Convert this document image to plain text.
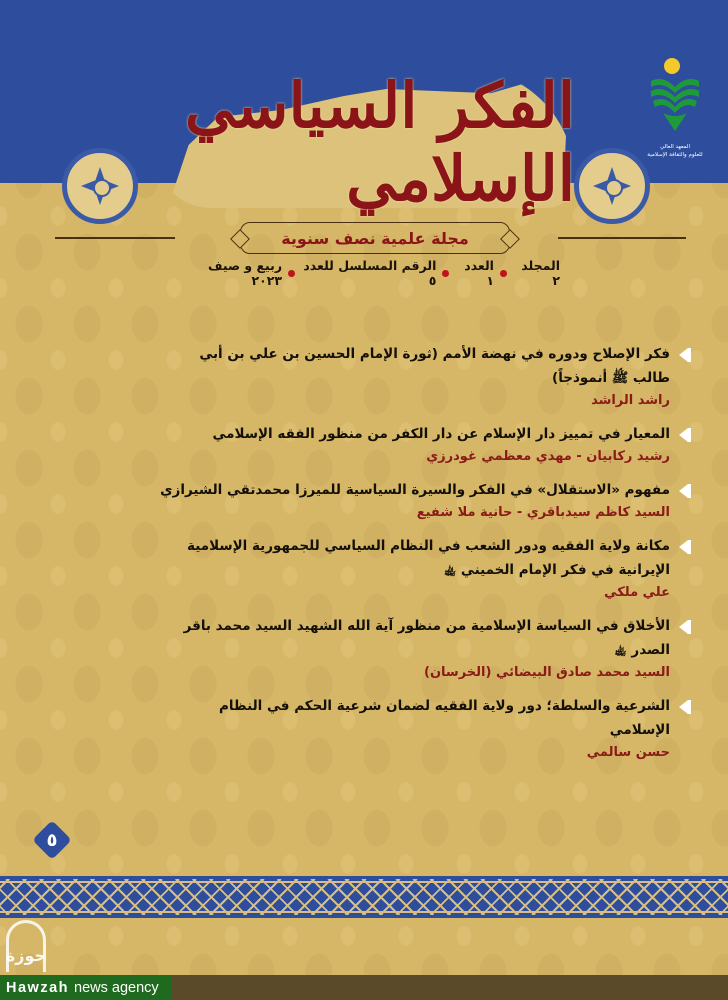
المعهد العالي
للعلوم والثقافة الإسلامية
الفكر السياسي الإسلامي
مجلة علمية نصف سنوية
المجلد ٢
العدد ١
الرقم المسلسل للعدد ٥
ربيع و صيف ٢٠٢٣
فكر الإصلاح ودوره في نهضة الأمم (ثورة الإمام الحسين بن علي بن أبي طالب ﷺ أنموذجاً)
راشد الراشد
المعيار في تمييز دار الإسلام عن دار الكفر من منظور الفقه الإسلامي
رشيد ركابيان - مهدي معظمي غودرزي
مفهوم «الاستقلال» في الفكر والسيرة السياسية للميرزا محمدتقي الشيرازي
السيد كاظم سيدباقري - حانية ملا شفيع
مكانة ولاية الفقيه ودور الشعب في النظام السياسي للجمهورية الإسلامية الإيرانية في فكر الإمام الخميني ﵀
علي ملكي
الأخلاق في السياسة الإسلامية من منظور آية الله الشهيد السيد محمد باقر الصدر ﵀
السيد محمد صادق البيضائي (الخرسان)
الشرعية والسلطة؛ دور ولاية الفقيه لضمان شرعية الحكم في النظام الإسلامي
حسن سالمي
٥
حوزة
Hawzah news agency
